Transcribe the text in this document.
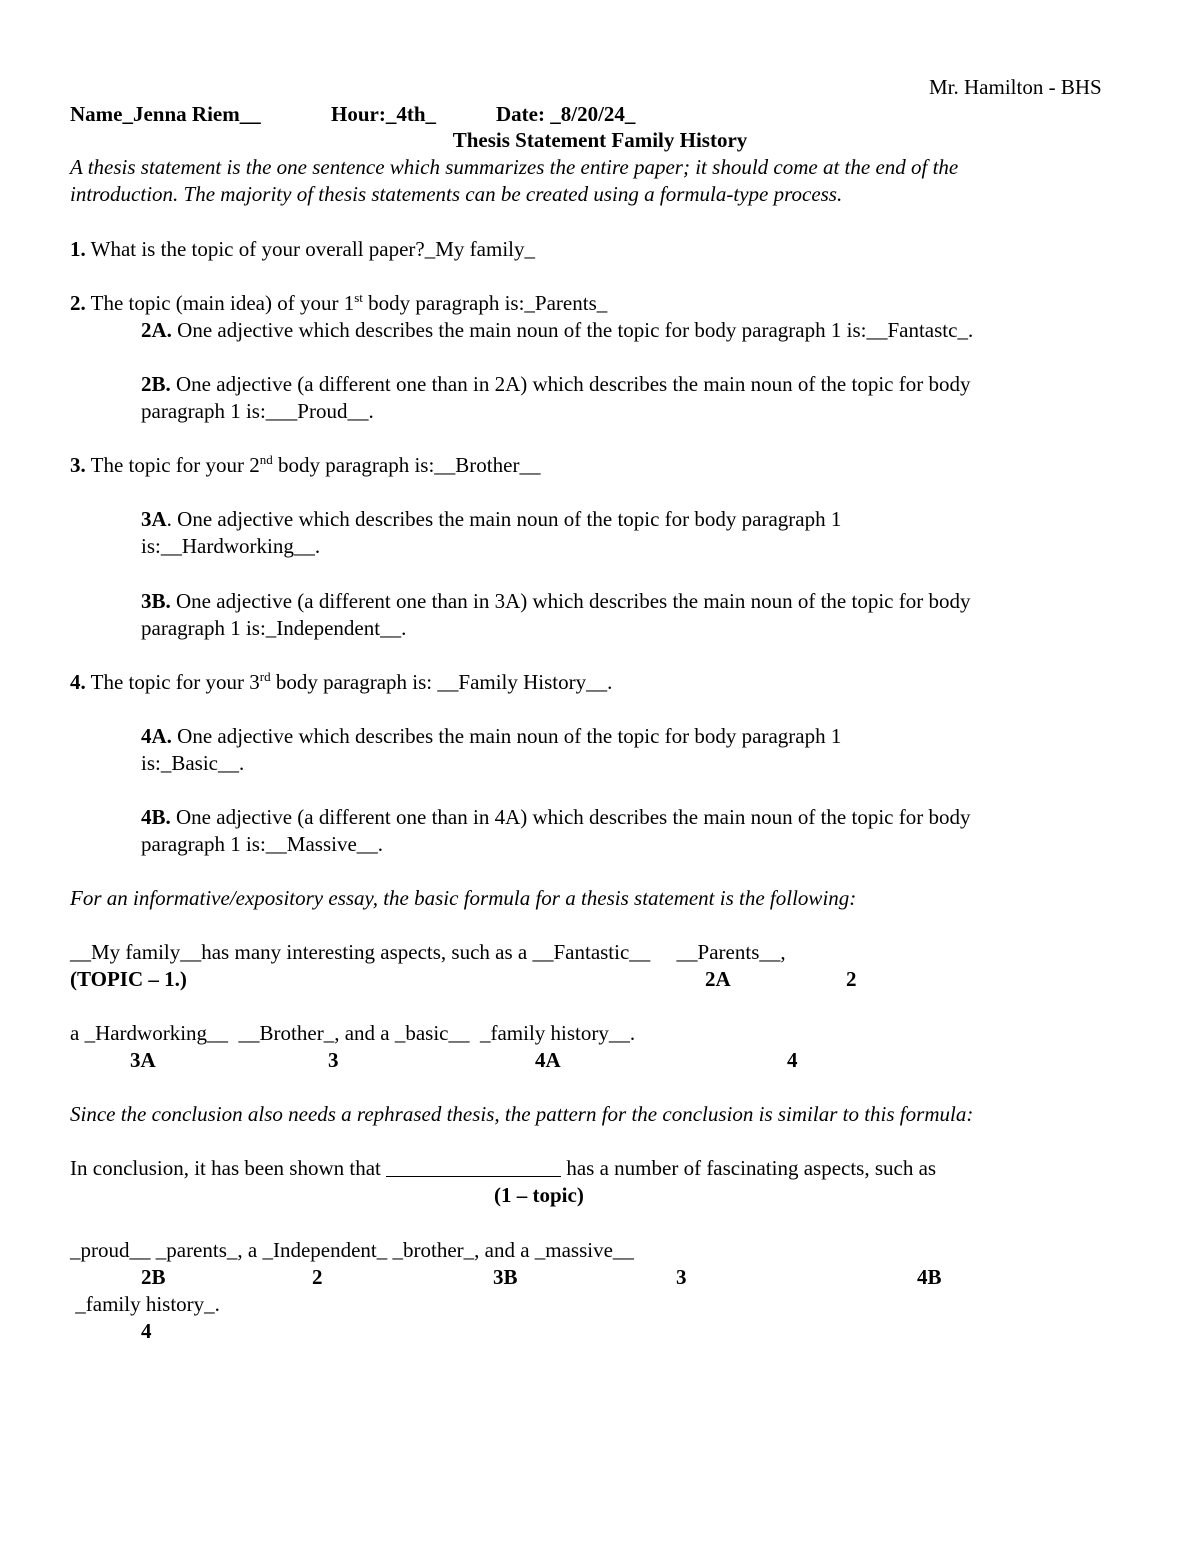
Mr. Hamilton - BHS
Name_Jenna Riem__	Hour:_4th_	Date: _8/20/24_
Thesis Statement Family History
A thesis statement is the one sentence which summarizes the entire paper; it should come at the end of the
introduction. The majority of thesis statements can be created using a formula-type process.
1. What is the topic of your overall paper?_My family_
2. The topic (main idea) of your 1st body paragraph is:_Parents_
2A. One adjective which describes the main noun of the topic for body paragraph 1 is:__Fantastc_.
2B. One adjective (a different one than in 2A) which describes the main noun of the topic for body
paragraph 1 is:___Proud__.
3. The topic for your 2nd body paragraph is:__Brother__
3A. One adjective which describes the main noun of the topic for body paragraph 1
is:__Hardworking__.
3B. One adjective (a different one than in 3A) which describes the main noun of the topic for body
paragraph 1 is:_Independent__.
4. The topic for your 3rd body paragraph is: __Family History__.
4A. One adjective which describes the main noun of the topic for body paragraph 1
is:_Basic__.
4B. One adjective (a different one than in 4A) which describes the main noun of the topic for body
paragraph 1 is:__Massive__.
For an informative/expository essay, the basic formula for a thesis statement is the following:
__My family__has many interesting aspects, such as a __Fantastic__     __Parents__,
(TOPIC – 1.)	2A	2
a _Hardworking__  __Brother_, and a _basic__  _family history__.
3A	3	4A	4
Since the conclusion also needs a rephrased thesis, the pattern for the conclusion is similar to this formula:
In conclusion, it has been shown that	has a number of fascinating aspects, such as
(1 – topic)
_proud__ _parents_, a _Independent_ _brother_, and a _massive__
2B	2	3B	3	4B
_family history_.
4
